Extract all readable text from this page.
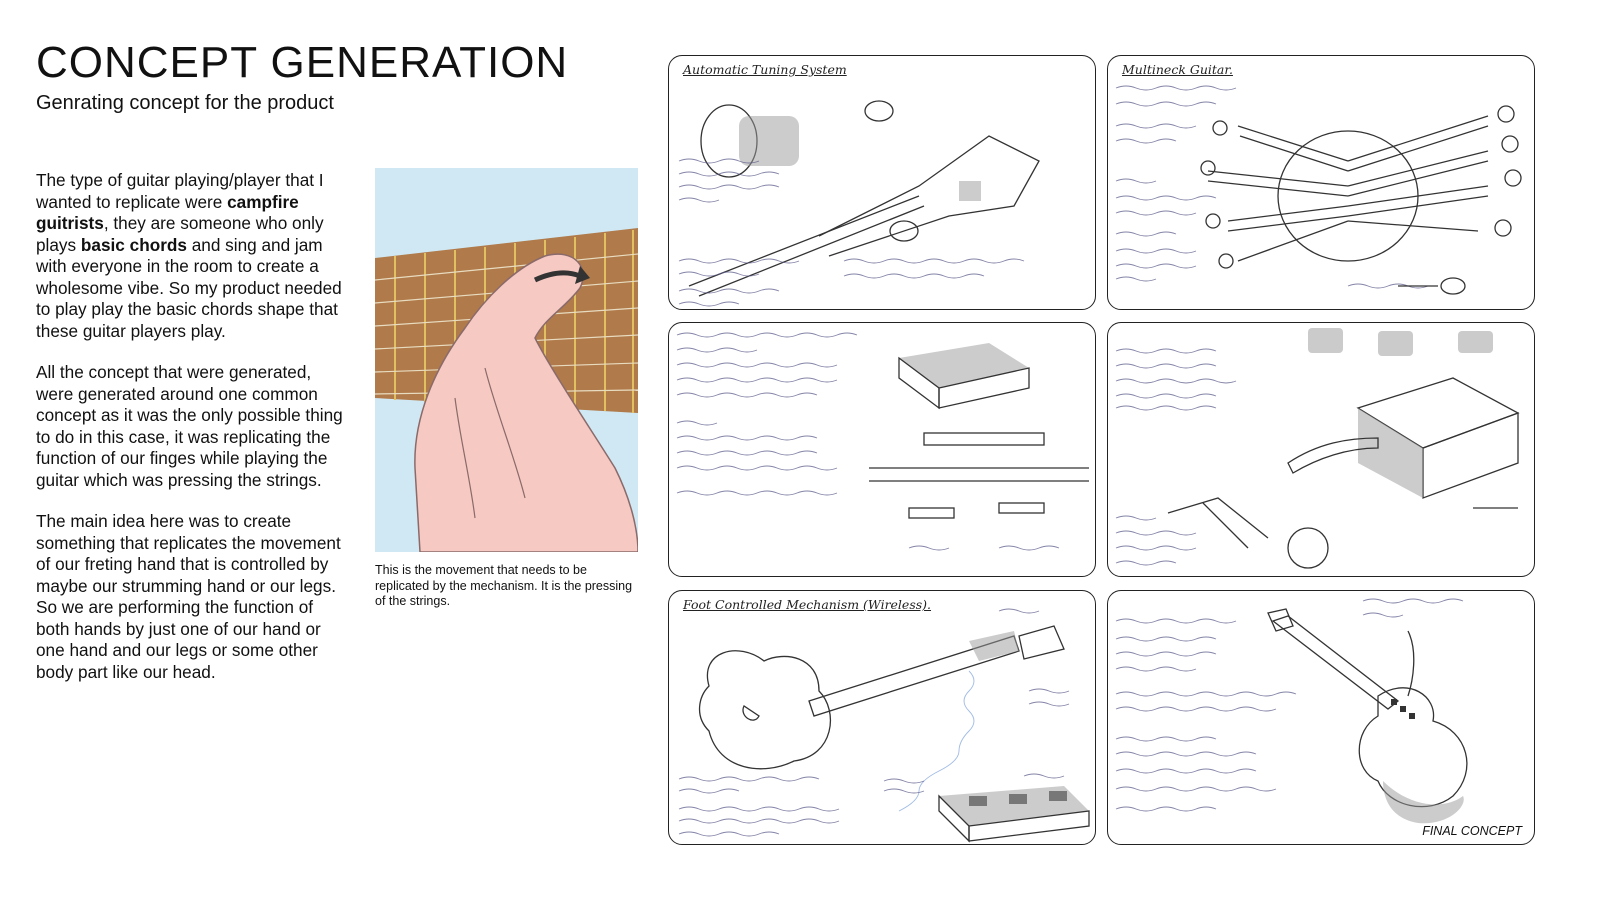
CONCEPT GENERATION

Genrating concept for the product

The type of guitar playing/player that I wanted to replicate were campfire guitrists, they are someone who only plays basic chords and sing and jam with everyone in the room to create a wholesome vibe. So my product needed to play play the basic chords shape that these guitar players play.

All the concept that were generated, were generated around one common concept as it was the only possible thing to do in this case, it was replicating the function of our finges while playing the guitar which was pressing the strings.

The main idea here was to create something that replicates the movement of our freting hand that is controlled by maybe our strumming hand or our legs. So we are performing the function of both hands by just one of our hand or one hand and our legs or some other body part like our head.

This is the movement that needs to be replicated by the mechanism. It is the pressing of the strings.
Automatic Tuning System	Multineck Guitar.
Foot Controlled Mechanism (Wireless).
FINAL CONCEPT
